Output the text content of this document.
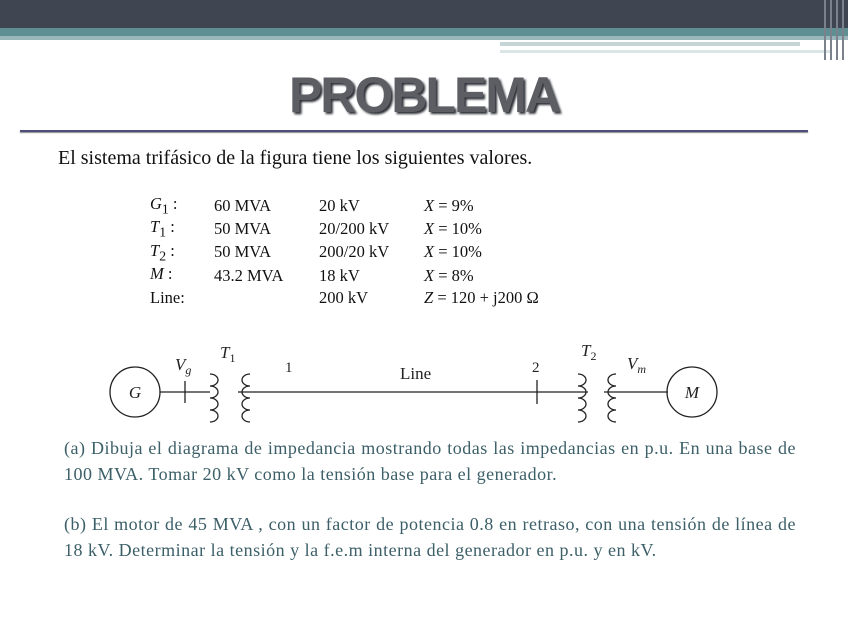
PROBLEMA
El sistema trifásico de la figura tiene los siguientes valores.
$G_1$ :	60 MVA	20 kV	X = 9%
$T_1$ :	50 MVA	20/200 kV	X = 10%
$T_2$ :	50 MVA	200/20 kV	X = 10%
M :	43.2 MVA	18 kV	X = 8%
Line:		200 kV	Z = 120 + j200 Ω
G
$V_g$
$T_1$
1	Line	2
$T_2$ $V_m$
M
(a) Dibuja el diagrama de impedancia mostrando todas las impedancias en p.u. En una base de 100 MVA. Tomar 20 kV como la tensión base para el generador.
(b) El motor de 45 MVA , con un factor de potencia 0.8 en retraso, con una tensión de línea de 18 kV. Determinar la tensión y la f.e.m interna del generador en p.u. y en kV.
